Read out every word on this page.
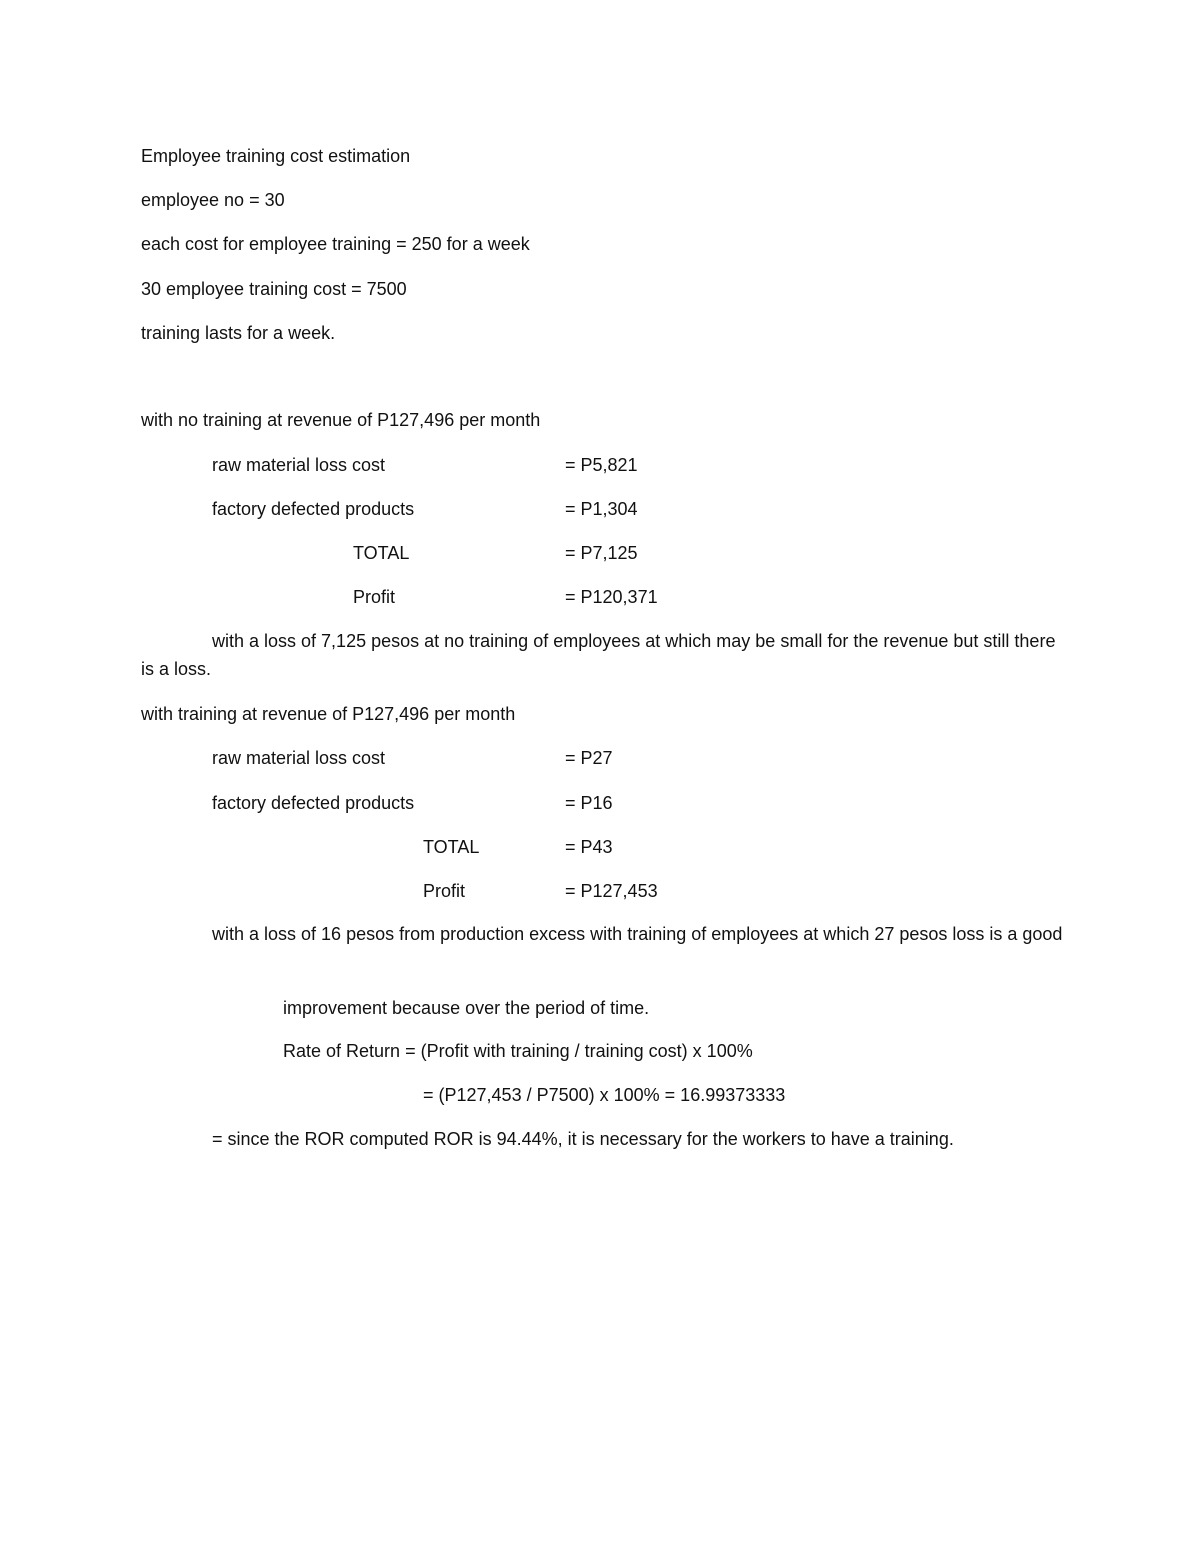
Employee training cost estimation
employee no = 30
each cost for employee training = 250 for a week
30 employee training cost = 7500
training lasts for a week.
with no training at revenue of P127,496 per month
raw material loss cost	= P5,821
factory defected products	= P1,304
TOTAL	= P7,125
Profit	= P120,371
with a loss of 7,125 pesos at no training of employees at which may be small for the revenue but still there is a loss.
with training at revenue of P127,496 per month
raw material loss cost	= P27
factory defected products	= P16
TOTAL	= P43
Profit	= P127,453
with a loss of 16 pesos from production excess with training of employees at which 27 pesos loss is a good
improvement because over the period of time.
Rate of Return = (Profit with training / training cost) x 100%
= (P127,453 / P7500) x 100% = 16.99373333
= since the ROR computed ROR is 94.44%, it is necessary for the workers to have a training.
